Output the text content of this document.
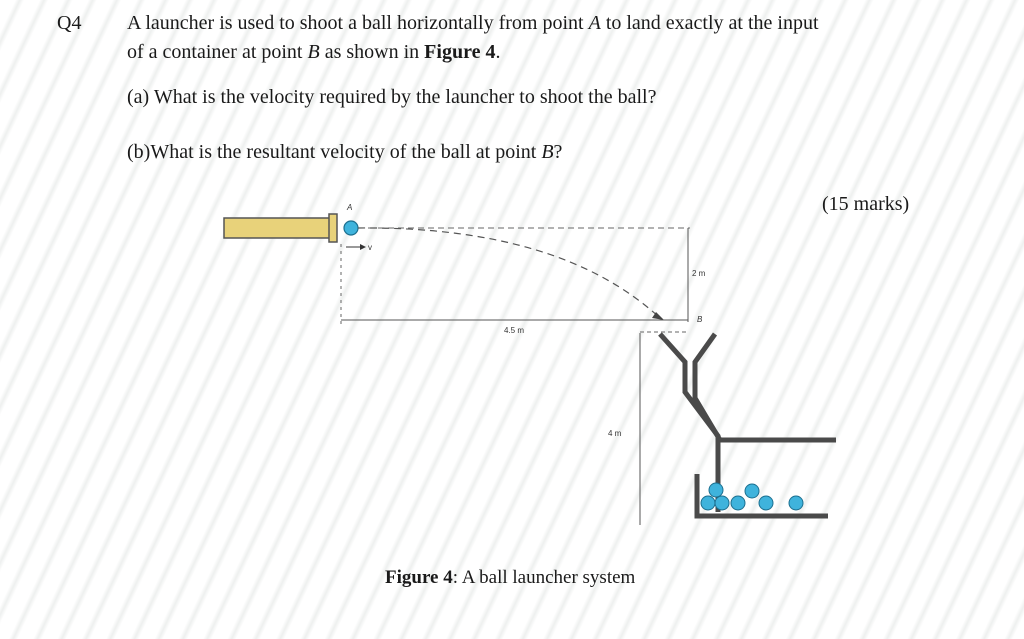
Q4 A launcher is used to shoot a ball horizontally from point A to land exactly at the input
of a container at point B as shown in Figure 4.
(a) What is the velocity required by the launcher to shoot the ball?
(b)What is the resultant velocity of the ball at point B?
(15 marks)
A
v
2 m
4.5 m
B
4 m
Figure 4: A ball launcher system
